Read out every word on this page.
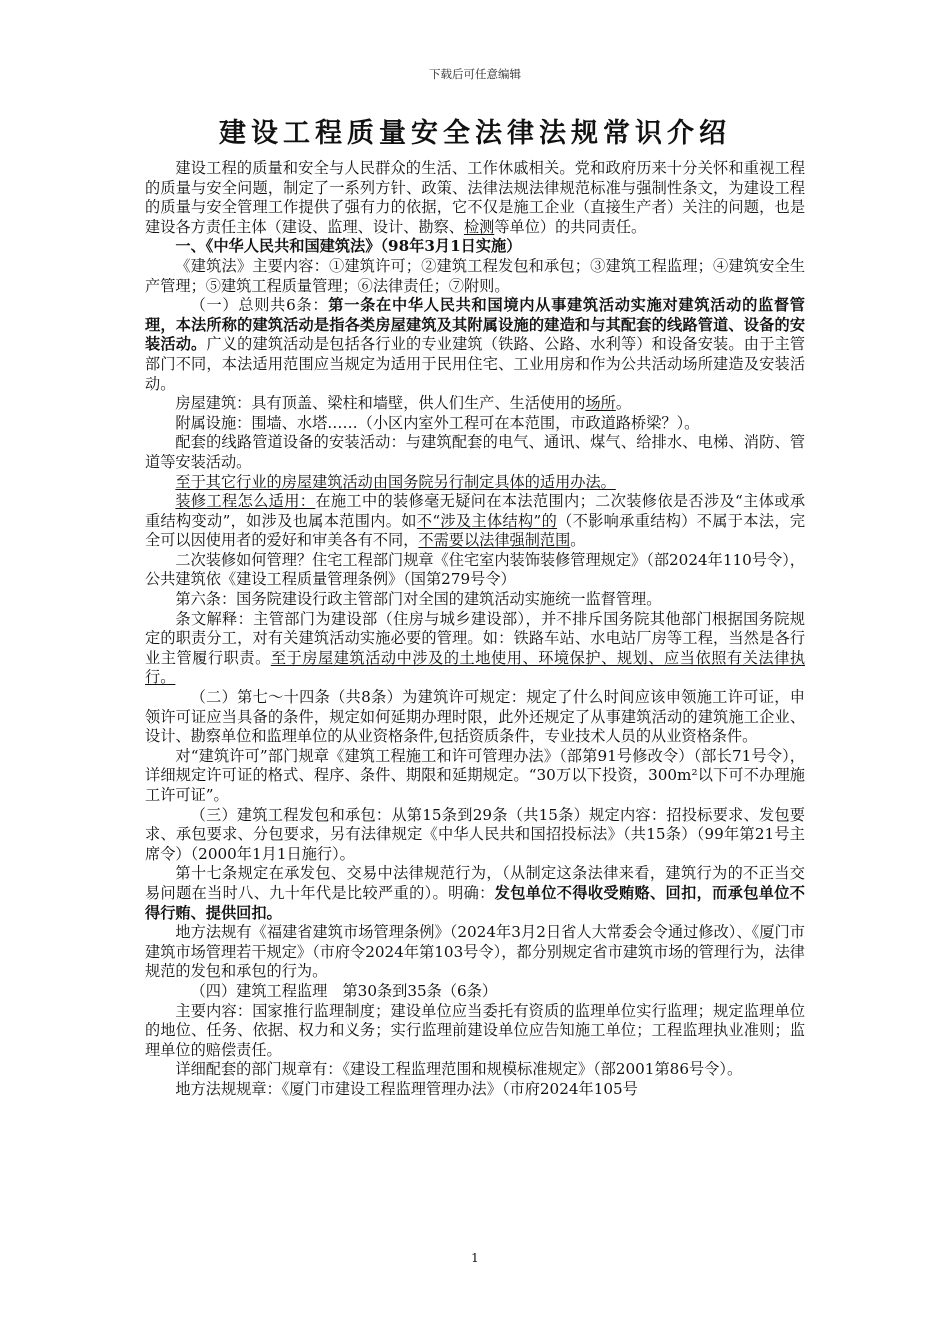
下载后可任意编辑
建设工程质量安全法律法规常识介绍

建设工程的质量和安全与人民群众的生活、工作休戚相关。党和政府历来十分关怀和重视工程的质量与安全问题，制定了一系列方针、政策、法律法规法律规范标准与强制性条文，为建设工程的质量与安全管理工作提供了强有力的依据，它不仅是施工企业（直接生产者）关注的问题，也是建设各方责任主体（建设、监理、设计、勘察、检测等单位）的共同责任。

一、《中华人民共和国建筑法》（98年3月1日实施）

《建筑法》主要内容：①建筑许可；②建筑工程发包和承包；③建筑工程监理；④建筑安全生产管理；⑤建筑工程质量管理；⑥法律责任；⑦附则。

（一）总则共6条：第一条在中华人民共和国境内从事建筑活动实施对建筑活动的监督管理，本法所称的建筑活动是指各类房屋建筑及其附属设施的建造和与其配套的线路管道、设备的安装活动。广义的建筑活动是包括各行业的专业建筑（铁路、公路、水利等）和设备安装。由于主管部门不同，本法适用范围应当规定为适用于民用住宅、工业用房和作为公共活动场所建造及安装活动。

房屋建筑：具有顶盖、梁柱和墙壁，供人们生产、生活使用的场所。

附属设施：围墙、水塔……（小区内室外工程可在本范围，市政道路桥梁？）。

配套的线路管道设备的安装活动：与建筑配套的电气、通讯、煤气、给排水、电梯、消防、管道等安装活动。

至于其它行业的房屋建筑活动由国务院另行制定具体的适用办法。

装修工程怎么适用：在施工中的装修毫无疑问在本法范围内；二次装修依是否涉及“主体或承重结构变动”，如涉及也属本范围内。如不“涉及主体结构”的（不影响承重结构）不属于本法，完全可以因使用者的爱好和审美各有不同，不需要以法律强制范围。

二次装修如何管理？住宅工程部门规章《住宅室内装饰装修管理规定》（部2024年110号令），公共建筑依《建设工程质量管理条例》（国第279号令）

第六条：国务院建设行政主管部门对全国的建筑活动实施统一监督管理。

条文解释：主管部门为建设部（住房与城乡建设部），并不排斥国务院其他部门根据国务院规定的职责分工，对有关建筑活动实施必要的管理。如：铁路车站、水电站厂房等工程，当然是各行业主管履行职责。至于房屋建筑活动中涉及的土地使用、环境保护、规划、应当依照有关法律执行。

（二）第七～十四条（共8条）为建筑许可规定：规定了什么时间应该申领施工许可证，申领许可证应当具备的条件，规定如何延期办理时限，此外还规定了从事建筑活动的建筑施工企业、设计、勘察单位和监理单位的从业资格条件,包括资质条件，专业技术人员的从业资格条件。

对“建筑许可”部门规章《建筑工程施工和许可管理办法》（部第91号修改令）（部长71号令），详细规定许可证的格式、程序、条件、期限和延期规定。“30万以下投资，300m²以下可不办理施工许可证”。

（三）建筑工程发包和承包：从第15条到29条（共15条）规定内容：招投标要求、发包要求、承包要求、分包要求，另有法律规定《中华人民共和国招投标法》（共15条）（99年第21号主席令）（2000年1月1日施行）。

第十七条规定在承发包、交易中法律规范行为，（从制定这条法律来看，建筑行为的不正当交易问题在当时八、九十年代是比较严重的）。明确：发包单位不得收受贿赂、回扣，而承包单位不得行贿、提供回扣。

地方法规有《福建省建筑市场管理条例》（2024年3月2日省人大常委会令通过修改）、《厦门市建筑市场管理若干规定》（市府令2024年第103号令），都分别规定省市建筑市场的管理行为，法律规范的发包和承包的行为。

（四）建筑工程监理　第30条到35条（6条）

主要内容：国家推行监理制度；建设单位应当委托有资质的监理单位实行监理；规定监理单位的地位、任务、依据、权力和义务；实行监理前建设单位应告知施工单位；工程监理执业准则；监理单位的赔偿责任。

详细配套的部门规章有：《建设工程监理范围和规模标准规定》（部2001第86号令）。

地方法规规章：《厦门市建设工程监理管理办法》（市府2024年105号

1
